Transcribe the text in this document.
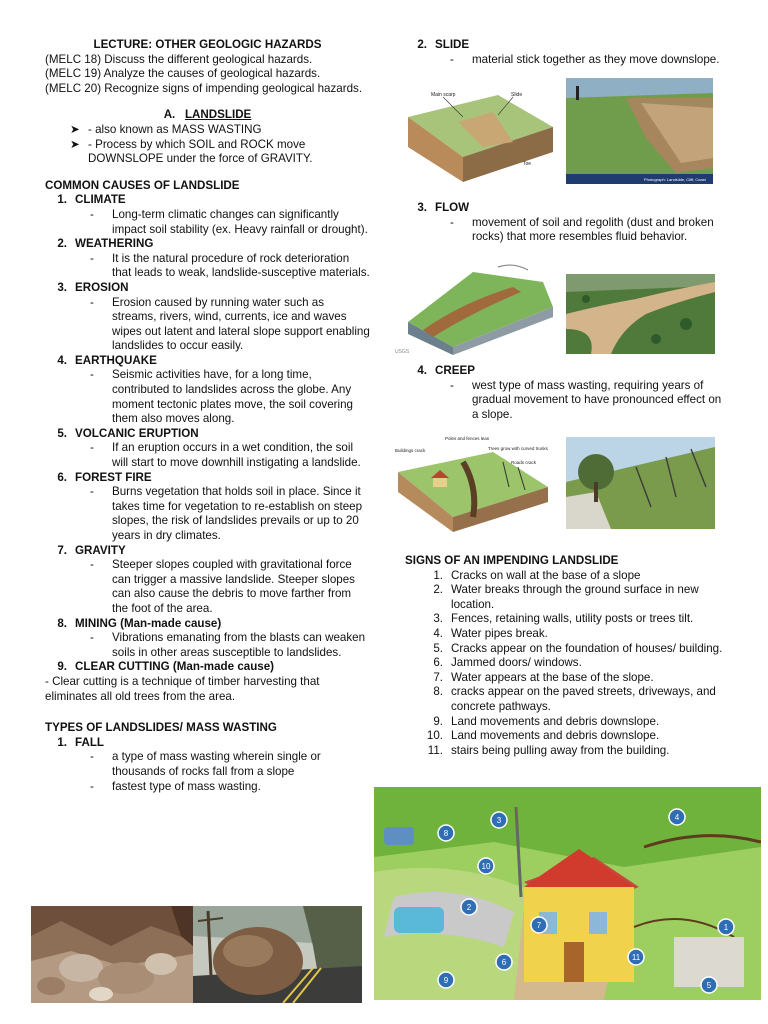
LECTURE: OTHER GEOLOGIC HAZARDS

(MELC 18) Discuss the different geological hazards.

(MELC 19) Analyze the causes of geological hazards.

(MELC 20) Recognize signs of impending geological hazards.

A. LANDSLIDE

➤ - also known as MASS WASTING
➤ - Process by which SOIL and ROCK move DOWNSLOPE under the force of GRAVITY.

COMMON CAUSES OF LANDSLIDE

1. CLIMATE
-	Long-term climatic changes can significantly impact soil stability (ex. Heavy rainfall or drought).
2. WEATHERING
-	It is the natural procedure of rock deterioration that leads to weak, landslide-susceptive materials.
3. EROSION
-	Erosion caused by running water such as streams, rivers, wind, currents, ice and waves wipes out latent and lateral slope support enabling landslides to occur easily.
4. EARTHQUAKE
-	Seismic activities have, for a long time, contributed to landslides across the globe. Any moment tectonic plates move, the soil covering them also moves along.
5. VOLCANIC ERUPTION
-	If an eruption occurs in a wet condition, the soil will start to move downhill instigating a landslide.
6. FOREST FIRE
-	Burns vegetation that holds soil in place. Since it takes time for vegetation to re-establish on steep slopes, the risk of landslides prevails or up to 20 years in dry climates.
7. GRAVITY
-	Steeper slopes coupled with gravitational force can trigger a massive landslide. Steeper slopes can also cause the debris to move farther from the foot of the area.
8. MINING (Man-made cause)
-	Vibrations emanating from the blasts can weaken soils in other areas susceptible to landslides.
9. CLEAR CUTTING (Man-made cause)

- Clear cutting is a technique of timber harvesting that eliminates all old trees from the area.

TYPES OF LANDSLIDES/ MASS WASTING

1. FALL
-	a type of mass wasting wherein single or thousands of rocks fall from a slope
-	fastest type of mass wasting.
2. SLIDE
-	material stick together as they move downslope.
Main scarp	Slide
Toe
Photograph: Landslide, Cliff, Coast
3. FLOW
-	movement of soil and regolith (dust and broken rocks) that more resembles fluid behavior.
USGS
4. CREEP
-	west type of mass wasting, requiring years of gradual movement to have pronounced effect on a slope.
Buildings crack
Poles and fences lean
Trees grow with curved trunks
Roads crack

SIGNS OF AN IMPENDING LANDSLIDE

1. Cracks on wall at the base of a slope
2. Water breaks through the ground surface in new location.
3. Fences, retaining walls, utility posts or trees tilt.
4. Water pipes break.
5. Cracks appear on the foundation of houses/ building.
6. Jammed doors/ windows.
7. Water appears at the base of the slope.
8. cracks appear on the paved streets, driveways, and concrete pathways.
9. Land movements and debris downslope.
10. Land movements and debris downslope.
11. stairs being pulling away from the building.
1
2
3	4
5
6
7
8
9
10
11
